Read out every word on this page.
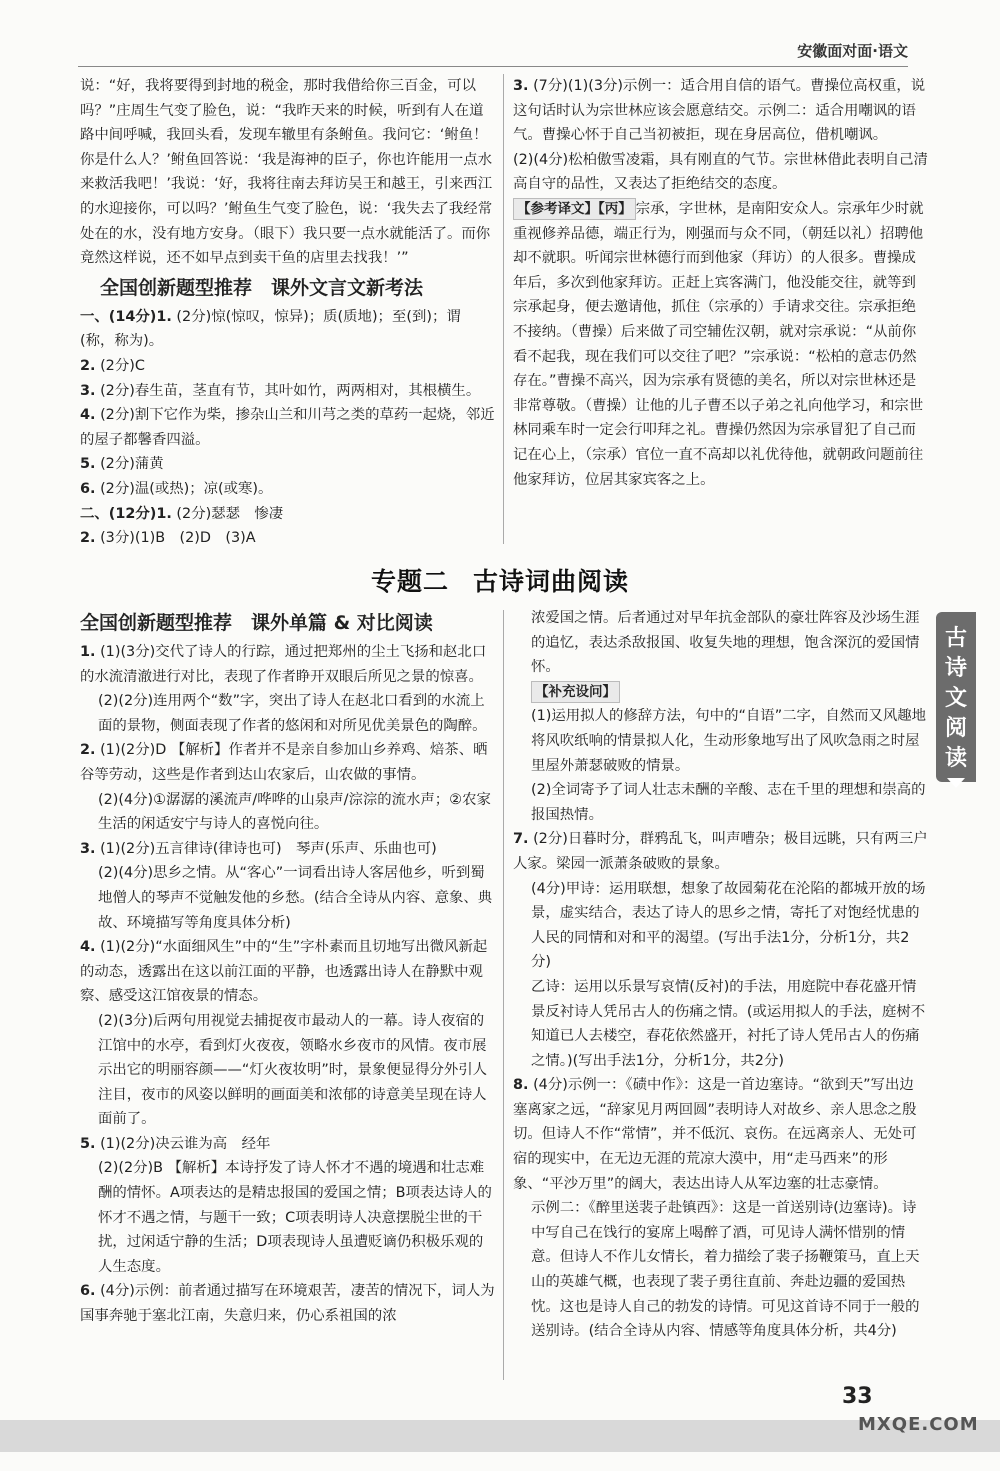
安徽面对面·语文

说：“好，我将要得到封地的税金，那时我借给你三百金，可以吗？”庄周生气变了脸色，说：“我昨天来的时候，听到有人在道路中间呼喊，我回头看，发现车辙里有条鲋鱼。我问它：‘鲋鱼！你是什么人？’鲋鱼回答说：‘我是海神的臣子，你也许能用一点水来救活我吧！’我说：‘好，我将往南去拜访吴王和越王，引来西江的水迎接你，可以吗？’鲋鱼生气变了脸色，说：‘我失去了我经常处在的水，没有地方安身。（眼下）我只要一点水就能活了。而你竟然这样说，还不如早点到卖干鱼的店里去找我！’”

全国创新题型推荐　课外文言文新考法

一、(14分)1. (2分)惊(惊叹，惊异)；质(质地)；至(到)；谓(称，称为)。

2. (2分)C

3. (2分)春生苗，茎直有节，其叶如竹，两两相对，其根横生。

4. (2分)割下它作为柴，掺杂山兰和川芎之类的草药一起烧，邻近的屋子都馨香四溢。

5. (2分)蒲黄

6. (2分)温(或热)；凉(或寒)。

二、(12分)1. (2分)瑟瑟　惨凄

2. (3分)(1)B　(2)D　(3)A

3. (7分)(1)(3分)示例一：适合用自信的语气。曹操位高权重，说这句话时认为宗世林应该会愿意结交。示例二：适合用嘲讽的语气。曹操心怀于自己当初被拒，现在身居高位，借机嘲讽。

(2)(4分)松柏傲雪凌霜，具有刚直的气节。宗世林借此表明自己清高自守的品性，又表达了拒绝结交的态度。

【参考译文】【丙】 宗承，字世林，是南阳安众人。宗承年少时就重视修养品德，端正行为，刚强而与众不同，（朝廷以礼）招聘他却不就职。听闻宗世林德行而到他家（拜访）的人很多。曹操成年后，多次到他家拜访。正赶上宾客满门，他没能交往，就等到宗承起身，便去邀请他，抓住（宗承的）手请求交往。宗承拒绝不接纳。（曹操）后来做了司空辅佐汉朝，就对宗承说：“从前你看不起我，现在我们可以交往了吧？”宗承说：“松柏的意志仍然存在。”曹操不高兴，因为宗承有贤德的美名，所以对宗世林还是非常尊敬。（曹操）让他的儿子曹丕以子弟之礼向他学习，和宗世林同乘车时一定会行叩拜之礼。曹操仍然因为宗承冒犯了自己而记在心上，（宗承）官位一直不高却以礼优待他，就朝政问题前往他家拜访，位居其家宾客之上。

专题二 古诗词曲阅读
全国创新题型推荐　课外单篇 & 对比阅读

1. (1)(3分)交代了诗人的行踪，通过把郑州的尘土飞扬和赵北口的水流清澈进行对比，表现了作者睁开双眼后所见之景的惊喜。

(2)(2分)连用两个“数”字，突出了诗人在赵北口看到的水流上面的景物，侧面表现了作者的悠闲和对所见优美景色的陶醉。

2. (1)(2分)D 【解析】作者并不是亲自参加山乡养鸡、焙茶、晒谷等劳动，这些是作者到达山农家后，山农做的事情。

(2)(4分)①潺潺的溪流声/哗哗的山泉声/淙淙的流水声；②农家生活的闲适安宁与诗人的喜悦向往。

3. (1)(2分)五言律诗(律诗也可)　琴声(乐声、乐曲也可)

(2)(4分)思乡之情。从“客心”一词看出诗人客居他乡，听到蜀地僧人的琴声不觉触发他的乡愁。(结合全诗从内容、意象、典故、环境描写等角度具体分析)

4. (1)(2分)“水面细风生”中的“生”字朴素而且切地写出微风新起的动态，透露出在这以前江面的平静，也透露出诗人在静默中观察、感受这江馆夜景的情态。

(2)(3分)后两句用视觉去捕捉夜市最动人的一幕。诗人夜宿的江馆中的水亭，看到灯火夜夜，领略水乡夜市的风情。夜市展示出它的明丽容颜——“灯火夜妆明”时，景象便显得分外引人注目，夜市的风姿以鲜明的画面美和浓郁的诗意美呈现在诗人面前了。

5. (1)(2分)决云谁为高　经年

(2)(2分)B 【解析】本诗抒发了诗人怀才不遇的境遇和壮志难酬的情怀。A项表达的是精忠报国的爱国之情；B项表达诗人的怀才不遇之情，与题干一致；C项表明诗人决意摆脱尘世的干扰，过闲适宁静的生活；D项表现诗人虽遭贬谪仍积极乐观的人生态度。

6. (4分)示例：前者通过描写在环境艰苦，凄苦的情况下，词人为国事奔驰于塞北江南，失意归来，仍心系祖国的浓

浓爱国之情。后者通过对早年抗金部队的豪壮阵容及沙场生涯的追忆，表达杀敌报国、收复失地的理想，饱含深沉的爱国情怀。

【补充设问】

(1)运用拟人的修辞方法，句中的“自语”二字，自然而又风趣地将风吹纸响的情景拟人化，生动形象地写出了风吹急雨之时屋里屋外萧瑟破败的情景。

(2)全词寄予了词人壮志未酬的辛酸、志在千里的理想和崇高的报国热情。

7. (2分)日暮时分，群鸦乱飞，叫声嘈杂；极目远眺，只有两三户人家。梁园一派萧条破败的景象。

(4分)甲诗：运用联想，想象了故园菊花在沦陷的都城开放的场景，虚实结合，表达了诗人的思乡之情，寄托了对饱经忧患的人民的同情和对和平的渴望。(写出手法1分，分析1分，共2分)

乙诗：运用以乐景写哀情(反衬)的手法，用庭院中春花盛开情景反衬诗人凭吊古人的伤痛之情。(或运用拟人的手法，庭树不知道已人去楼空，春花依然盛开，衬托了诗人凭吊古人的伤痛之情。)(写出手法1分，分析1分，共2分)

8. (4分)示例一：《碛中作》：这是一首边塞诗。“欲到天”写出边塞离家之远，“辞家见月两回圆”表明诗人对故乡、亲人思念之殷切。但诗人不作“常情”，并不低沉、哀伤。在远离亲人、无处可宿的现实中，在无边无涯的荒凉大漠中，用“走马西来”的形象、“平沙万里”的阔大，表达出诗人从军边塞的壮志豪情。

示例二：《醉里送裴子赴镇西》：这是一首送别诗(边塞诗)。诗中写自己在饯行的宴席上喝醉了酒，可见诗人满怀惜别的情意。但诗人不作儿女情长，着力描绘了裴子扬鞭策马，直上天山的英雄气概，也表现了裴子勇往直前、奔赴边疆的爱国热忱。这也是诗人自己的勃发的诗情。可见这首诗不同于一般的送别诗。(结合全诗从内容、情感等角度具体分析，共4分)

古
诗
文
阅
读
33
MXQE.COM
